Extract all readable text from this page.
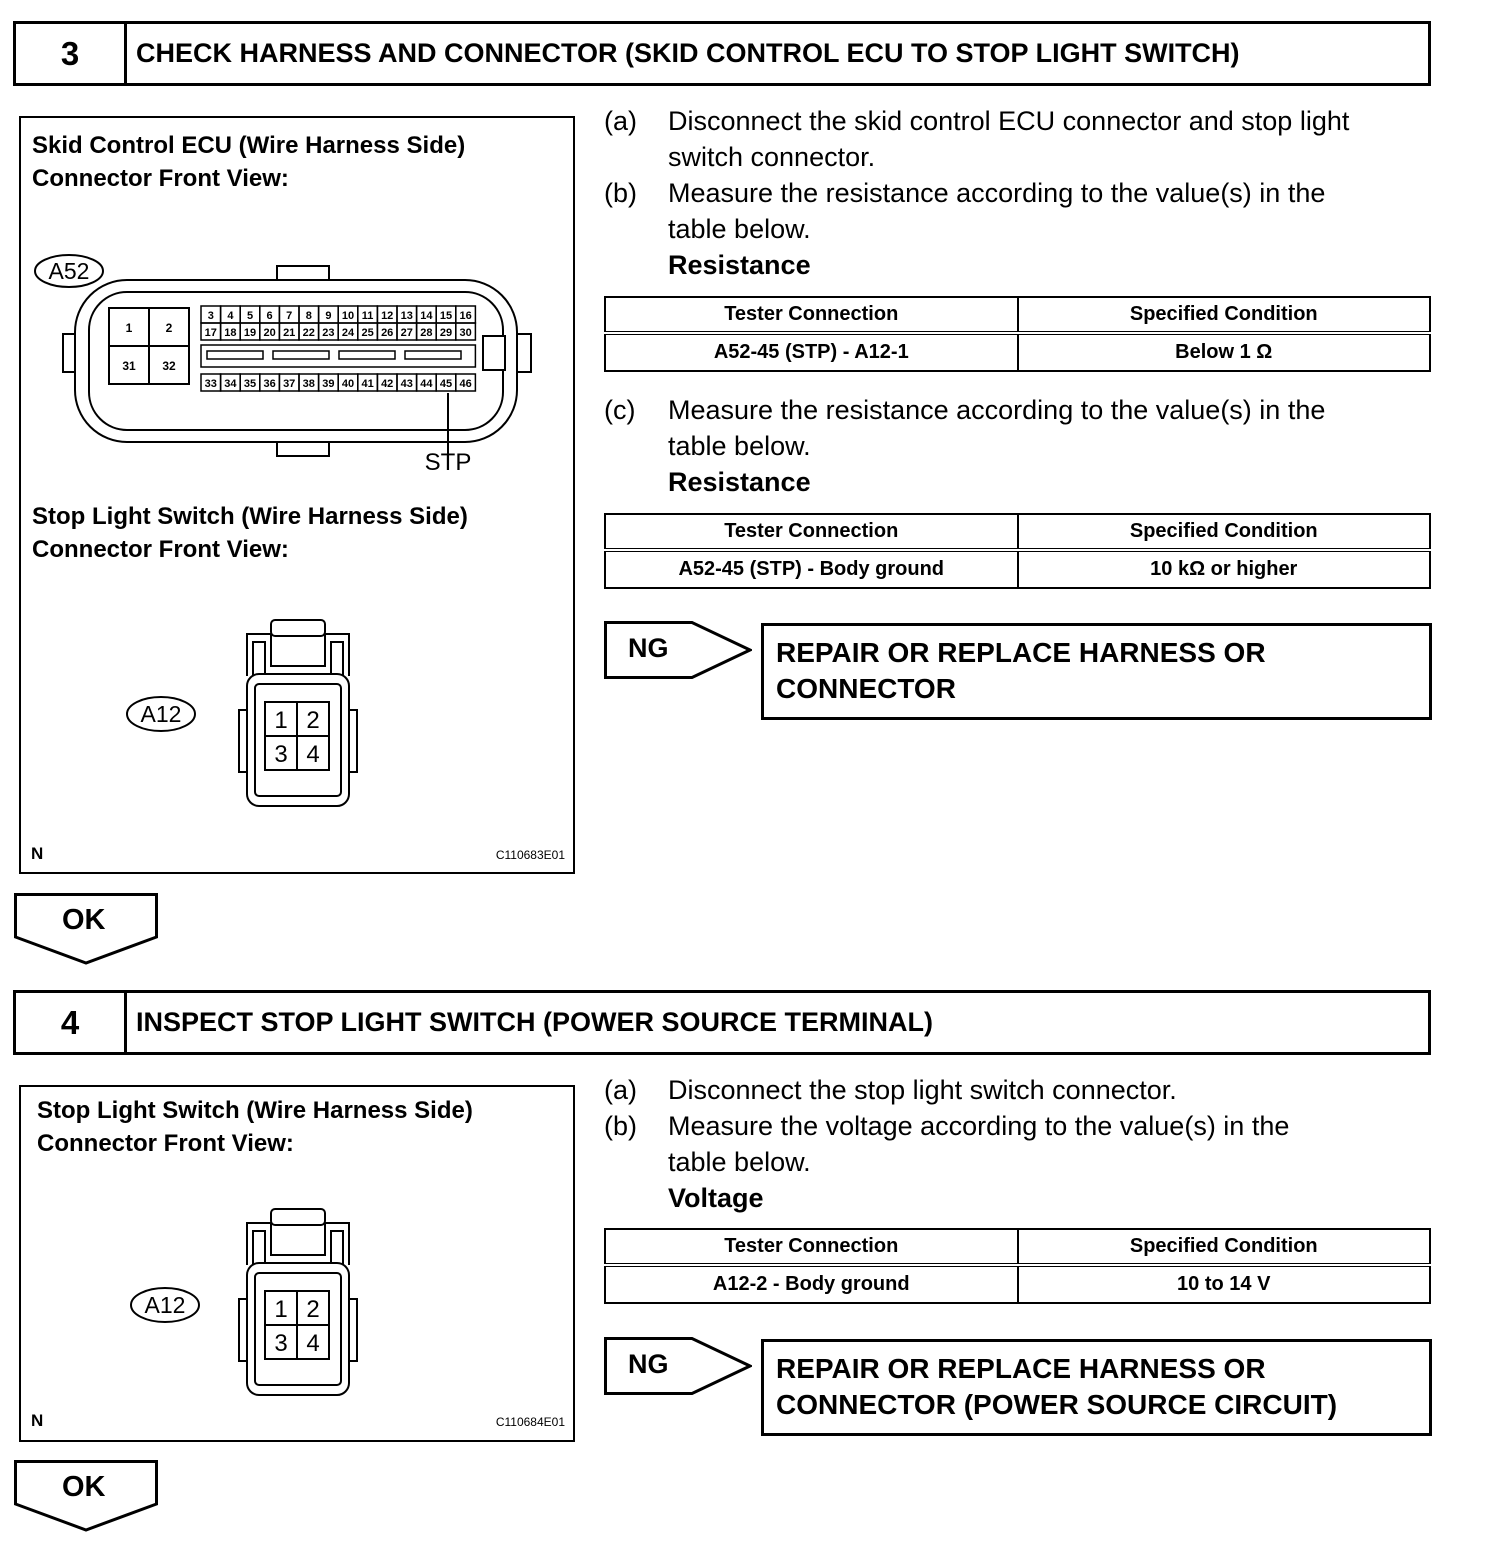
3	CHECK HARNESS AND CONNECTOR (SKID CONTROL ECU TO STOP LIGHT SWITCH)
Skid Control ECU (Wire Harness Side)
Connector Front View:
A52
1	2
31 32
3 4 5 6 7 8 9 10 11 12 13 14 15 16
17 18 19 20 21 22 23 24 25 26 27 28 29 30
33 34 35 36 37 38 39 40 41 42 43 44 45 46
STP
Stop Light Switch (Wire Harness Side)
Connector Front View:
A12	1 2
3 4
N	C110683E01
(a) Disconnect the skid control ECU connector and stop light
switch connector.
(b) Measure the resistance according to the value(s) in the
table below.
Resistance
Tester Connection	Specified Condition
A52-45 (STP) - A12-1	Below 1 Ω
(c) Measure the resistance according to the value(s) in the
table below.
Resistance
Tester Connection	Specified Condition
A52-45 (STP) - Body ground	10 kΩ or higher
NG	REPAIR OR REPLACE HARNESS OR
CONNECTOR
OK
4	INSPECT STOP LIGHT SWITCH (POWER SOURCE TERMINAL)
Stop Light Switch (Wire Harness Side)
Connector Front View:
A12	1 2
3 4
N	C110684E01
(a) Disconnect the stop light switch connector.
(b) Measure the voltage according to the value(s) in the
table below.
Voltage
Tester Connection	Specified Condition
A12-2 - Body ground	10 to 14 V
NG	REPAIR OR REPLACE HARNESS OR
CONNECTOR (POWER SOURCE CIRCUIT)
OK
